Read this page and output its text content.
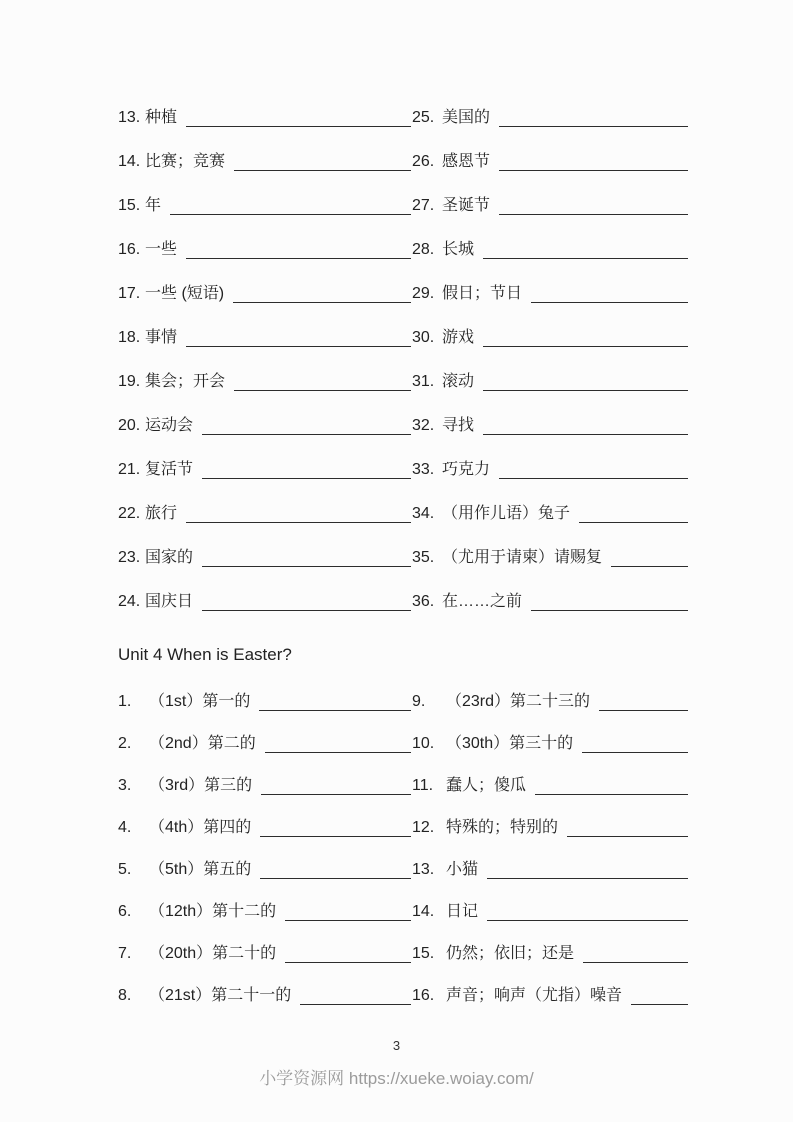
13. 种植	25. 美国的
14. 比赛；竞赛	26. 感恩节
15. 年	27. 圣诞节
16. 一些	28. 长城
17. 一些 (短语)	29. 假日；节日
18. 事情	30. 游戏
19. 集会；开会	31. 滚动
20. 运动会	32. 寻找
21. 复活节	33. 巧克力
22. 旅行	34. （用作儿语）兔子
23. 国家的	35. （尤用于请柬）请赐复
24. 国庆日	36. 在……之前
Unit 4 When is Easter?
1.	（1st）第一的	9.	（23rd）第二十三的
2.	（2nd）第二的	10. （30th）第三十的
3.	（3rd）第三的	11. 蠢人；傻瓜
4.	（4th）第四的	12. 特殊的；特别的
5.	（5th）第五的	13. 小猫
6.	（12th）第十二的	14. 日记
7.	（20th）第二十的	15. 仍然；依旧；还是
8.	（21st）第二十一的	16. 声音；响声（尤指）噪音
3
小学资源网 https://xueke.woiay.com/
